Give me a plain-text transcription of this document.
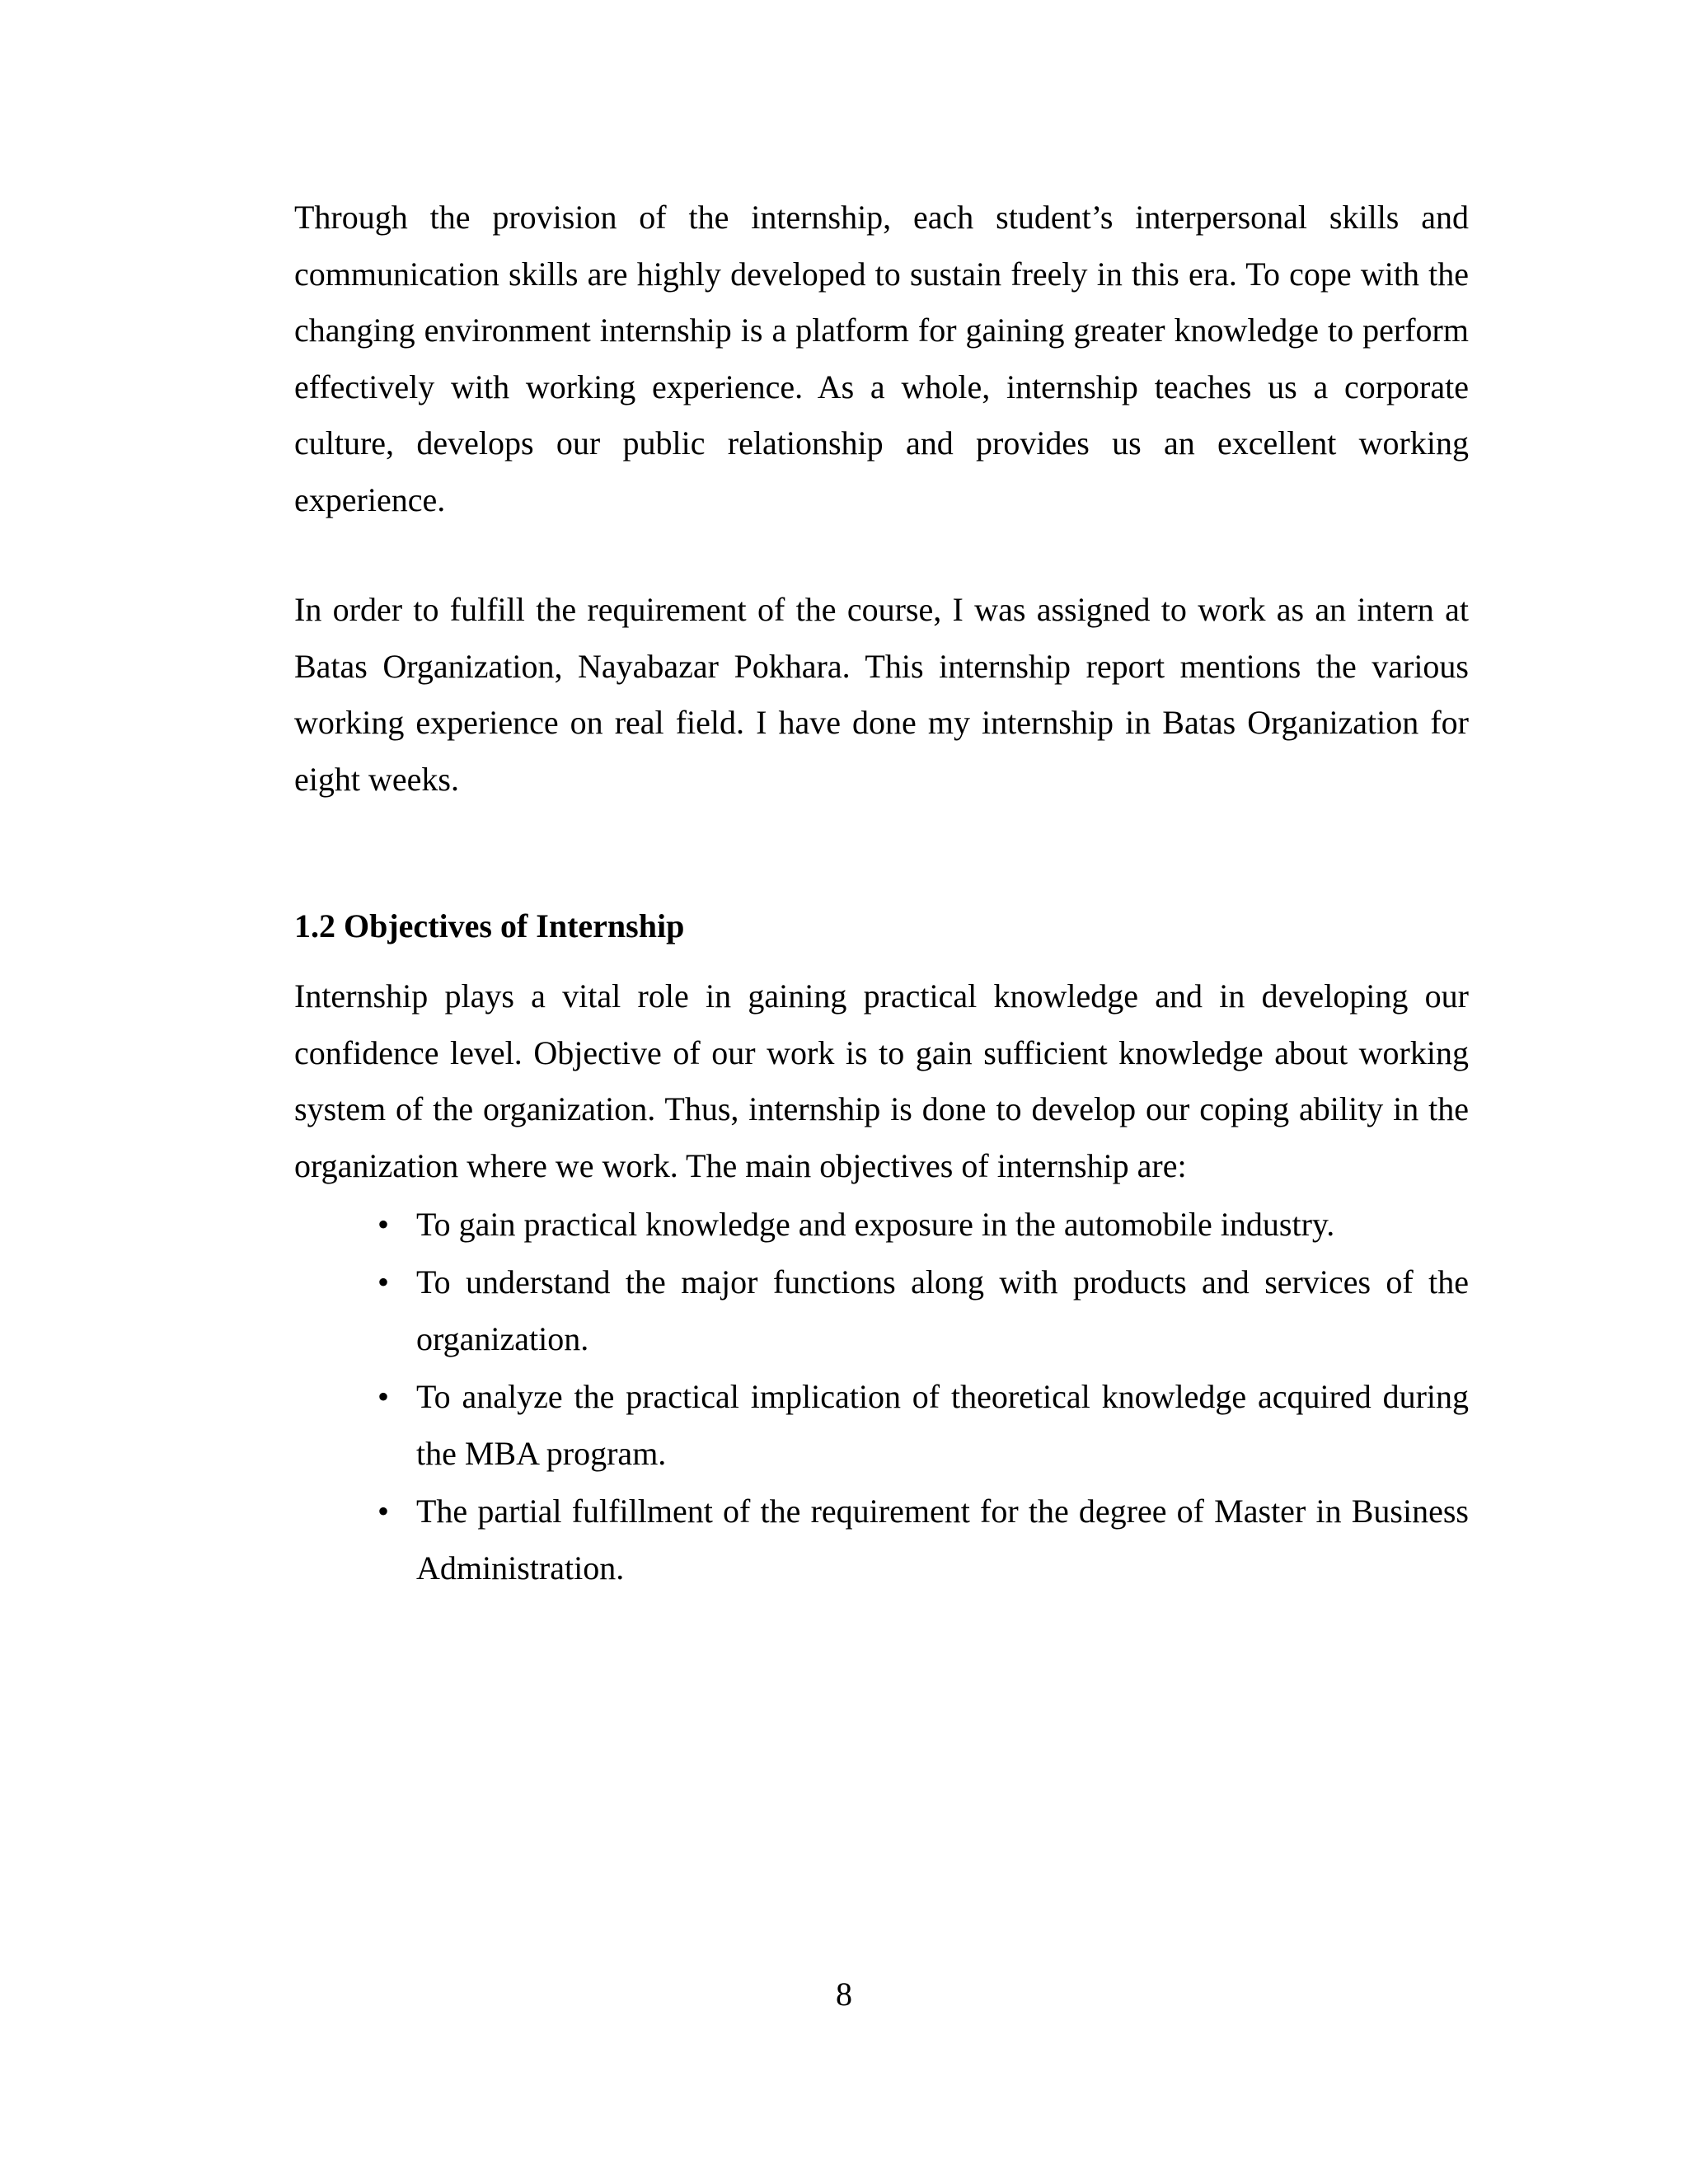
Through the provision of the internship, each student’s interpersonal skills and communication skills are highly developed to sustain freely in this era. To cope with the changing environment internship is a platform for gaining greater knowledge to perform effectively with working experience. As a whole, internship teaches us a corporate culture, develops our public relationship and provides us an excellent working experience.

In order to fulfill the requirement of the course, I was assigned to work as an intern at Batas Organization, Nayabazar Pokhara. This internship report mentions the various working experience on real field. I have done my internship in Batas Organization for eight weeks.

1.2 Objectives of Internship

Internship plays a vital role in gaining practical knowledge and in developing our confidence level. Objective of our work is to gain sufficient knowledge about working system of the organization. Thus, internship is done to develop our coping ability in the organization where we work. The main objectives of internship are:

• To gain practical knowledge and exposure in the automobile industry.
• To understand the major functions along with products and services of the organization.
• To analyze the practical implication of theoretical knowledge acquired during the MBA program.
• The partial fulfillment of the requirement for the degree of Master in Business Administration.
8
